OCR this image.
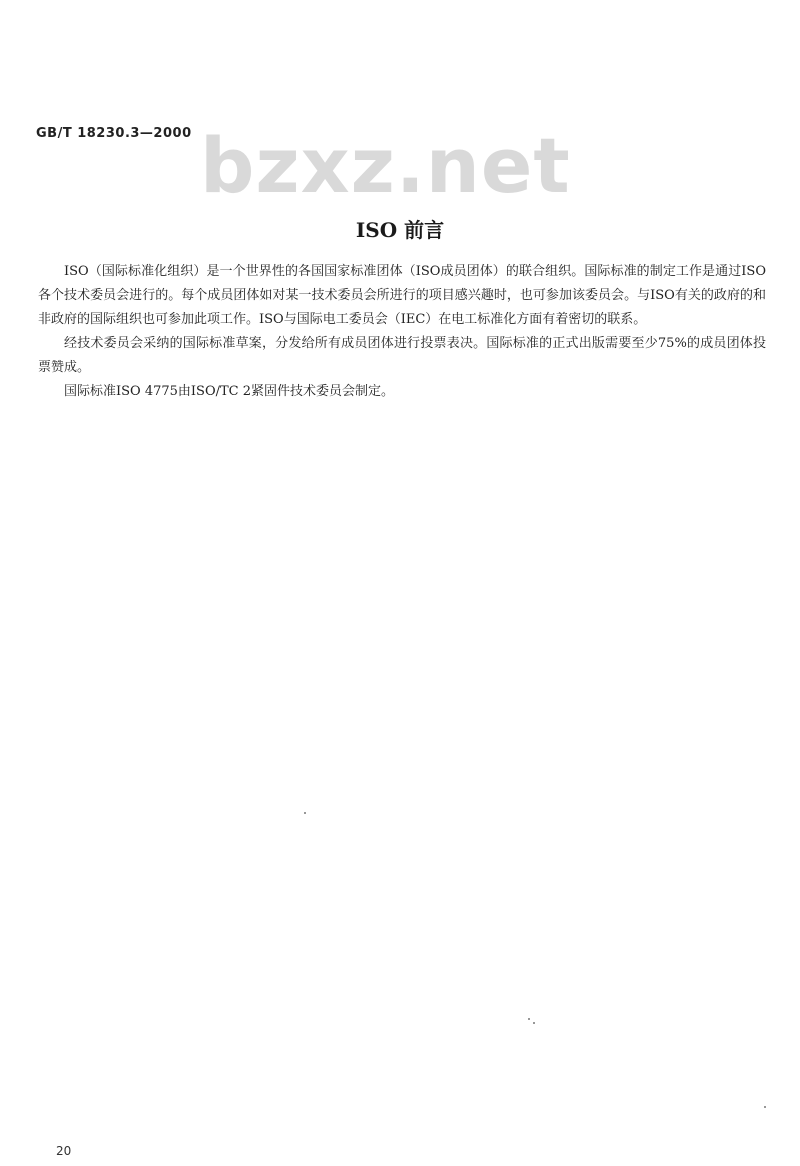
GB/T 18230.3—2000 bzxz.net
ISO 前言

ISO（国际标准化组织）是一个世界性的各国国家标准团体（ISO成员团体）的联合组织。国际标准的制定工作是通过ISO各个技术委员会进行的。每个成员团体如对某一技术委员会所进行的项目感兴趣时，也可参加该委员会。与ISO有关的政府的和非政府的国际组织也可参加此项工作。ISO与国际电工委员会（IEC）在电工标准化方面有着密切的联系。

经技术委员会采纳的国际标准草案，分发给所有成员团体进行投票表决。国际标准的正式出版需要至少75%的成员团体投票赞成。

国际标准ISO 4775由ISO/TC 2紧固件技术委员会制定。

20
